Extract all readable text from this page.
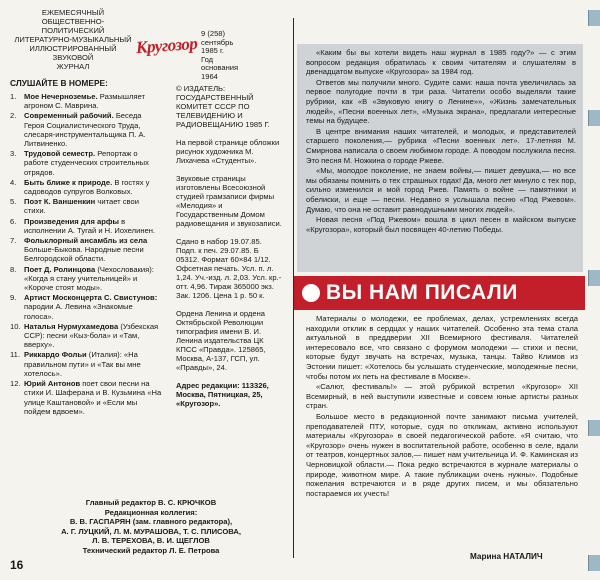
ЕЖЕМЕСЯЧНЫЙ
ОБЩЕСТВЕННО-ПОЛИТИЧЕСКИЙ
ЛИТЕРАТУРНО-МУЗЫКАЛЬНЫЙ
ИЛЛЮСТРИРОВАННЫЙ
ЗВУКОВОЙ
ЖУРНАЛ
Кругозор
9 (258)
сентябрь
1985 г.
Год
основания
1964
СЛУШАЙТЕ В НОМЕРЕ:
1.	Мое Нечерноземье. Размышляет агроном С. Маврина.
2.	Современный рабочий. Беседа Героя Социалистического Труда, слесаря-инструментальщика П. А. Литвиненко.
3.	Трудовой семестр. Репортаж о работе студенческих строительных отрядов.
4.	Быть ближе к природе. В гостях у садоводов супругов Волковых.
5.	Поэт К. Ваншенкин читает свои стихи.
6.	Произведения для арфы в исполнении А. Тугай и Н. Иохелинен.
7.	Фольклорный ансамбль из села Больше-Быкова. Народные песни Белгородской области.
8.	Поет Д. Ролинцова (Чехословакия): «Когда я стану учительницей» и «Короче стоят моды».
9.	Артист Москонцерта С. Свистунов: пародии А. Левина «Знакомые голоса».
10. Наталья Нурмухамедова (Узбекская ССР): песни «Кыз-бола» и «Там, вверху».
11. Риккардо Фольи (Италия): «На правильном пути» и «Так вы мне хотелось».
12. Юрий Антонов поет свои песни на стихи И. Шаферана и В. Кузьмина «На улице Каштановой» и «Если мы пойдем вдвоем».

© ИЗДАТЕЛЬ: ГОСУДАРСТВЕННЫЙ КОМИТЕТ СССР ПО ТЕЛЕВИДЕНИЮ И РАДИОВЕЩАНИЮ 1985 Г.

На первой странице обложки рисунок художника М. Лихачева «Студенты».

Звуковые страницы изготовлены Всесоюзной студией грамзаписи фирмы «Мелодия» и Государственным Домом радиовещания и звукозаписи.

Сдано в набор 19.07.85. Подп. к печ. 29.07.85. Б 05312. Формат 60×84 1/12. Офсетная печать. Усл. п. л. 1,24. Уч.-изд. л. 2,03. Усл. кр.-отт. 4,96. Тираж 365000 экз. Зак. 1206. Цена 1 р. 50 к.

Ордена Ленина и ордена Октябрьской Революции типография имени В. И. Ленина издательства ЦК КПСС «Правда». 125865, Москва, А-137, ГСП, ул. «Правды», 24.

Адрес редакции: 113326, Москва, Пятницкая, 25, «Кругозор».

Главный редактор В. С. КРЮЧКОВ
Редакционная коллегия:
В. В. ГАСПАРЯН (зам. главного редактора),
А. Г. ЛУЦКИЙ, Л. М. МУРАШОВА, Т. С. ПЛИСОВА,
Л. В. ТЕРЕХОВА, В. И. ЩЕГЛОВ
Технический редактор Л. Е. Петрова
16

«Каким бы вы хотели видеть наш журнал в 1985 году?» — с этим вопросом редакция обратилась к своим читателям и слушателям в двенадцатом выпуске «Кругозора» за 1984 год.

Ответов мы получили много. Судите сами: наша почта увеличилась за первое полугодие почти в три раза. Читатели особо выделяли такие рубрики, как «В «Звуковую книгу о Ленине»», «Жизнь замечательных людей», «Песни военных лет», «Музыка экрана», предлагали интересные темы на будущее.

В центре внимания наших читателей, и молодых, и представителей старшего поколения,— рубрика «Песни военных лет». 17-летняя М. Смирнова написала о своем любимом городе. А поводом послужила песня. Это песня М. Ножкина о городе Ржеве.

«Мы, молодое поколение, не знаем войны,— пишет девушка,— но все мы обязаны помнить о тех страшных годах! Да, много лет минуло с тех пор, сильно изменился и мой город Ржев. Память о войне — памятники и обелиски, и еще — песни. Недавно я услышала песню «Под Ржевом». Думаю, что она не оставит равнодушными многих людей».

Новая песня «Под Ржевом» вошла в цикл песен в майском выпуске «Кругозора», который был посвящен 40-летию Победы.

ВЫ НАМ ПИСАЛИ

Материалы о молодежи, ее проблемах, делах, устремлениях всегда находили отклик в сердцах у наших читателей. Особенно эта тема стала актуальной в преддверии XII Всемирного фестиваля. Читателей интересовало все, что связано с форумом молодежи — стихи и песни, которые будут звучать на встречах, музыка, танцы. Тайво Климов из Эстонии пишет: «Хотелось бы услышать студенческие, молодежные песни, чтобы потом их петь на фестивале в Москве».

«Салют, фестиваль!» — этой рубрикой встретил «Кругозор» XII Всемирный, в ней выступили известные и совсем юные артисты разных стран.

Большое место в редакционной почте занимают письма учителей, преподавателей ПТУ, которые, судя по откликам, активно используют материалы «Кругозора» в своей педагогической работе. «Я считаю, что «Кругозор» очень нужен в воспитательной работе, особенно в селе, вдали от театров, концертных залов,— пишет нам учительница И. Ф. Каминская из Черновицкой области.— Пока редко встречаются в журнале материалы о природе, животном мире. А такие публикации очень нужны». Подобные пожелания встречаются и в ряде других писем, и мы обязательно постараемся их учесть!

Марина НАТАЛИЧ
